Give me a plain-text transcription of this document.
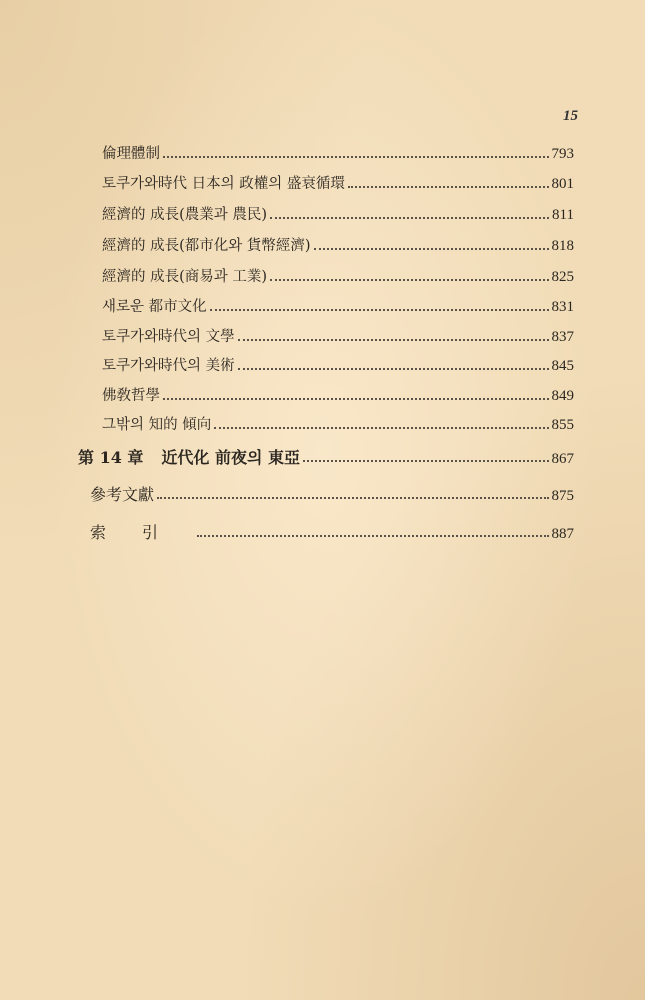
15
倫理體制	793
토쿠가와時代 日本의 政權의 盛衰循環	801
經濟的 成長(農業과 農民)	811
經濟的 成長(都市化와 貨幣經濟)	818
經濟的 成長(商易과 工業)	825
새로운 都市文化	831
토쿠가와時代의 文學	837
토쿠가와時代의 美術	845
佛敎哲學	849
그밖의 知的 傾向	855
第 14 章 近代化 前夜의 東亞	867
參考文獻	875
索引	887
